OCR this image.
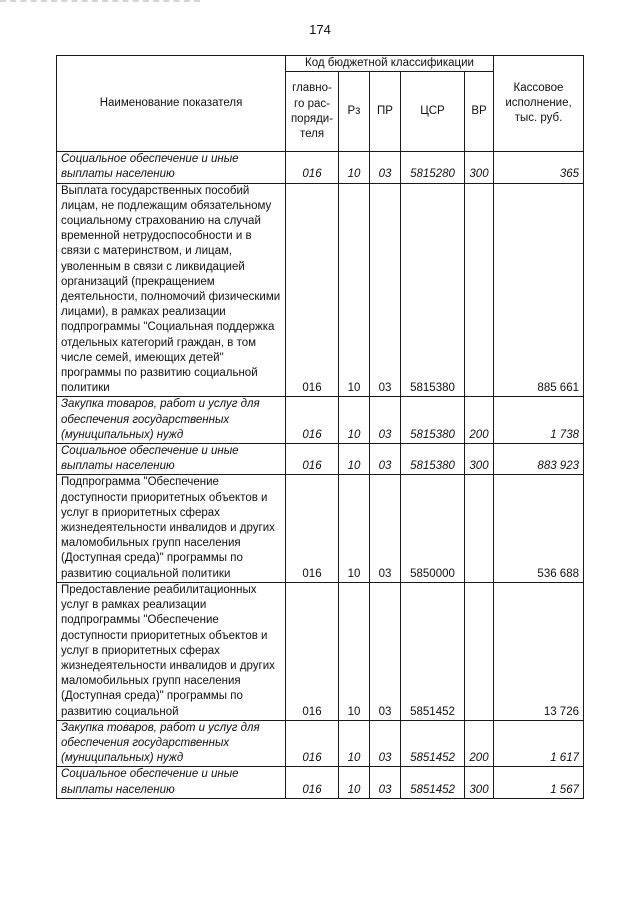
174
Наименование показателя	Код бюджетной классификации					Кассовое исполнение, тыс. руб.
	главно-го рас-поряди-теля	Рз	ПР	ЦСР	ВР	
Социальное обеспечение и иные выплаты населению	016	10	03	5815280	300	365
Выплата государственных пособий лицам, не подлежащим обязательному социальному страхованию на случай временной нетрудоспособности и в связи с материнством, и лицам, уволенным в связи с ликвидацией организаций (прекращением деятельности, полномочий физическими лицами), в рамках реализации подпрограммы "Социальная поддержка отдельных категорий граждан, в том числе семей, имеющих детей" программы по развитию социальной политики	016	10	03	5815380		885 661
Закупка товаров, работ и услуг для обеспечения государственных (муниципальных) нужд	016	10	03	5815380	200	1 738
Социальное обеспечение и иные выплаты населению	016	10	03	5815380	300	883 923
Подпрограмма "Обеспечение доступности приоритетных объектов и услуг в приоритетных сферах жизнедеятельности инвалидов и других маломобильных групп населения (Доступная среда)" программы по развитию социальной политики	016	10	03	5850000		536 688
Предоставление реабилитационных услуг в рамках реализации подпрограммы "Обеспечение доступности приоритетных объектов и услуг в приоритетных сферах жизнедеятельности инвалидов и других маломобильных групп населения (Доступная среда)" программы по развитию социальной	016	10	03	5851452		13 726
Закупка товаров, работ и услуг для обеспечения государственных (муниципальных) нужд	016	10	03	5851452	200	1 617
Социальное обеспечение и иные выплаты населению	016	10	03	5851452	300	1 567
